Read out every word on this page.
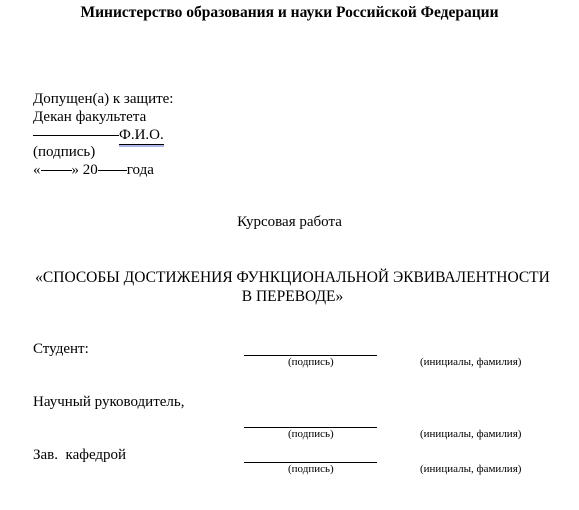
Министерство образования и науки Российской Федерации
Допущен(а) к защите:
Декан факультета
Ф.И.О.
(подпись)
« » 20 года
Курсовая работа
«СПОСОБЫ ДОСТИЖЕНИЯ ФУНКЦИОНАЛЬНОЙ ЭКВИВАЛЕНТНОСТИ В ПЕРЕВОДЕ»
Студент:
(подпись)	(инициалы, фамилия)
Научный руководитель,
(подпись)	(инициалы, фамилия)
Зав.  кафедрой
(подпись)	(инициалы, фамилия)
